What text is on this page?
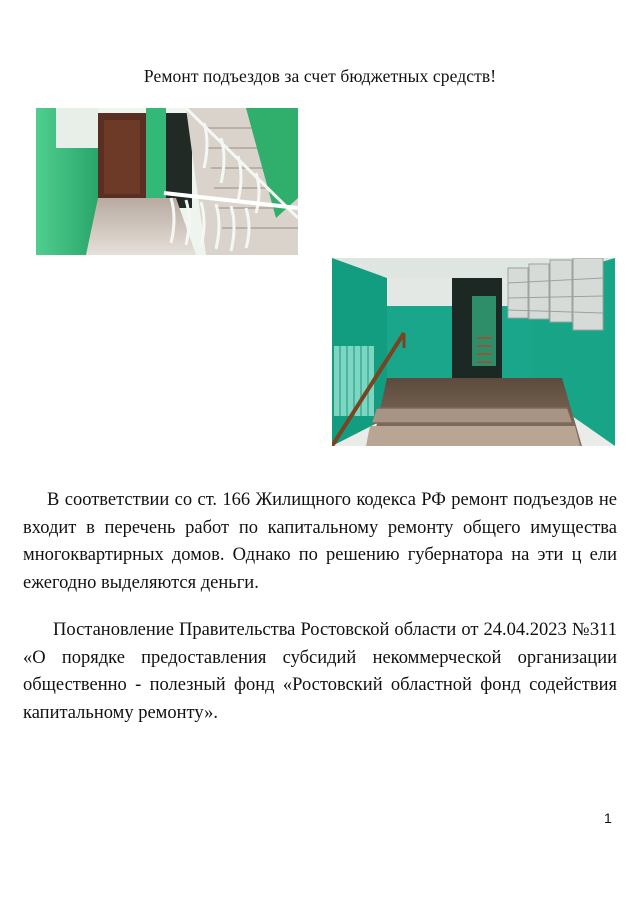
Ремонт подъездов за счет бюджетных средств!

В соответствии со ст. 166 Жилищного кодекса РФ ремонт подъездов не входит в перечень работ по капитальному ремонту общего имущества многоквартирных домов. Однако по решению губернатора на эти ц ели ежегодно выделяются деньги.

Постановление Правительства Ростовской области от 24.04.2023 №311 «О порядке предоставления субсидий некоммерческой организации общественно - полезный фонд «Ростовский областной фонд содействия капитальному ремонту».

1
